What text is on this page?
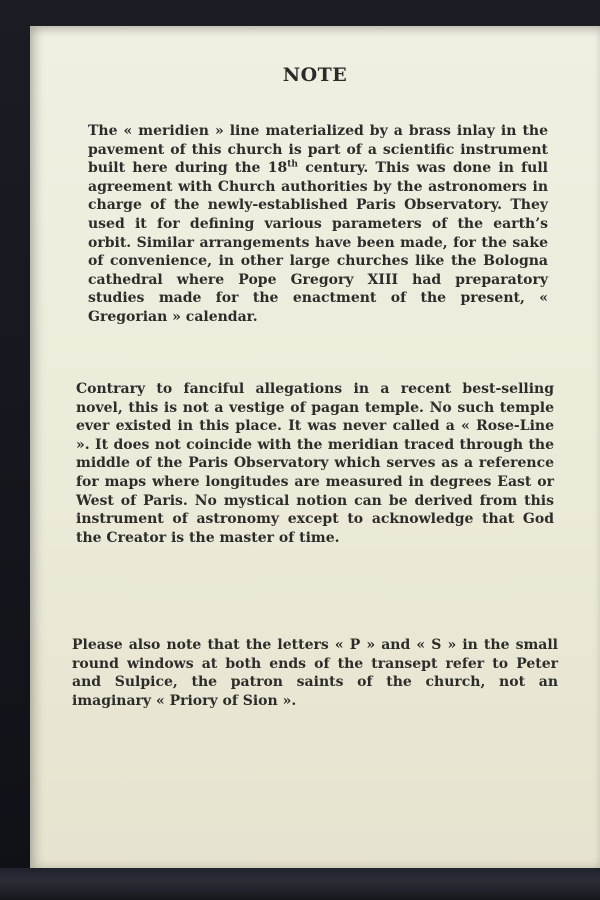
NOTE

The « meridien » line materialized by a brass inlay in the pavement of this church is part of a scientific instrument built here during the 18th century. This was done in full agreement with Church authorities by the astronomers in charge of the newly-established Paris Observatory. They used it for defining various parameters of the earth’s orbit. Similar arrangements have been made, for the sake of convenience, in other large churches like the Bologna cathedral where Pope Gregory XIII had preparatory studies made for the enactment of the present, « Gregorian » calendar.

Contrary to fanciful allegations in a recent best-selling novel, this is not a vestige of pagan temple. No such temple ever existed in this place. It was never called a « Rose-Line ». It does not coincide with the meridian traced through the middle of the Paris Observatory which serves as a reference for maps where longitudes are measured in degrees East or West of Paris. No mystical notion can be derived from this instrument of astronomy except to acknowledge that God the Creator is the master of time.

Please also note that the letters « P » and « S » in the small round windows at both ends of the transept refer to Peter and Sulpice, the patron saints of the church, not an imaginary « Priory of Sion ».
